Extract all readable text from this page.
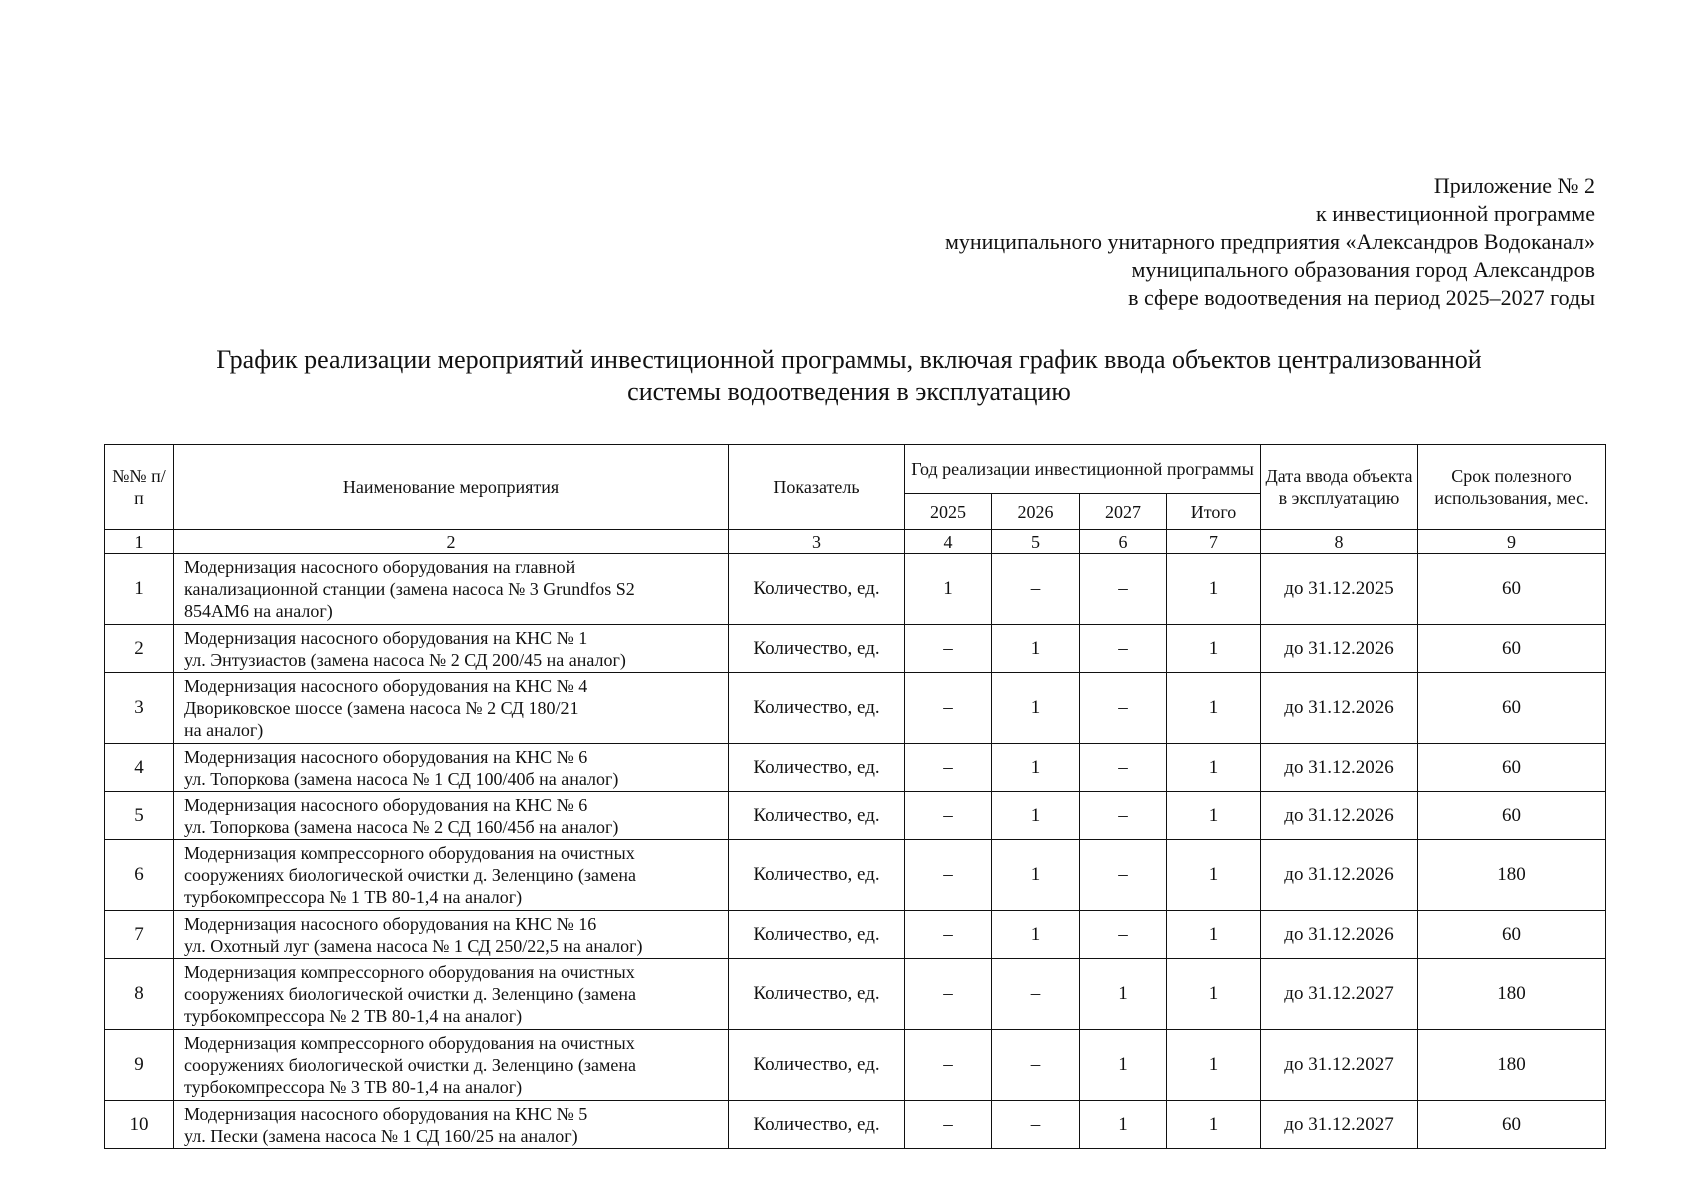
Приложение № 2
к инвестиционной программе
муниципального унитарного предприятия «Александров Водоканал»
муниципального образования город Александров
в сфере водоотведения на период 2025–2027 годы
График реализации мероприятий инвестиционной программы, включая график ввода объектов централизованной
системы водоотведения в эксплуатацию
№№ п/п	Наименование мероприятия	Показатель	Год реализации инвестиционной программы				Дата ввода объекта в эксплуатацию	Срок полезного использования, мес.
			2025	2026	2027	Итого		
1	2	3	4	5	6	7	8	9
1	Модернизация насосного оборудования на главной
канализационной станции (замена насоса № 3 Grundfos S2
854AM6 на аналог)	Количество, ед.	1	–	–	1	до 31.12.2025	60
2	Модернизация насосного оборудования на КНС № 1
ул. Энтузиастов (замена насоса № 2 СД 200/45 на аналог)	Количество, ед.	–	1	–	1	до 31.12.2026	60
3	Модернизация насосного оборудования на КНС № 4
Двориковское шоссе (замена насоса № 2 СД 180/21
на аналог)	Количество, ед.	–	1	–	1	до 31.12.2026	60
4	Модернизация насосного оборудования на КНС № 6
ул. Топоркова (замена насоса № 1 СД 100/40б на аналог)	Количество, ед.	–	1	–	1	до 31.12.2026	60
5	Модернизация насосного оборудования на КНС № 6
ул. Топоркова (замена насоса № 2 СД 160/45б на аналог)	Количество, ед.	–	1	–	1	до 31.12.2026	60
6	Модернизация компрессорного оборудования на очистных
сооружениях биологической очистки д. Зеленцино (замена
турбокомпрессора № 1 ТВ 80-1,4 на аналог)	Количество, ед.	–	1	–	1	до 31.12.2026	180
7	Модернизация насосного оборудования на КНС № 16
ул. Охотный луг (замена насоса № 1 СД 250/22,5 на аналог)	Количество, ед.	–	1	–	1	до 31.12.2026	60
8	Модернизация компрессорного оборудования на очистных
сооружениях биологической очистки д. Зеленцино (замена
турбокомпрессора № 2 ТВ 80-1,4 на аналог)	Количество, ед.	–	–	1	1	до 31.12.2027	180
9	Модернизация компрессорного оборудования на очистных
сооружениях биологической очистки д. Зеленцино (замена
турбокомпрессора № 3 ТВ 80-1,4 на аналог)	Количество, ед.	–	–	1	1	до 31.12.2027	180
10	Модернизация насосного оборудования на КНС № 5
ул. Пески (замена насоса № 1 СД 160/25 на аналог)	Количество, ед.	–	–	1	1	до 31.12.2027	60
